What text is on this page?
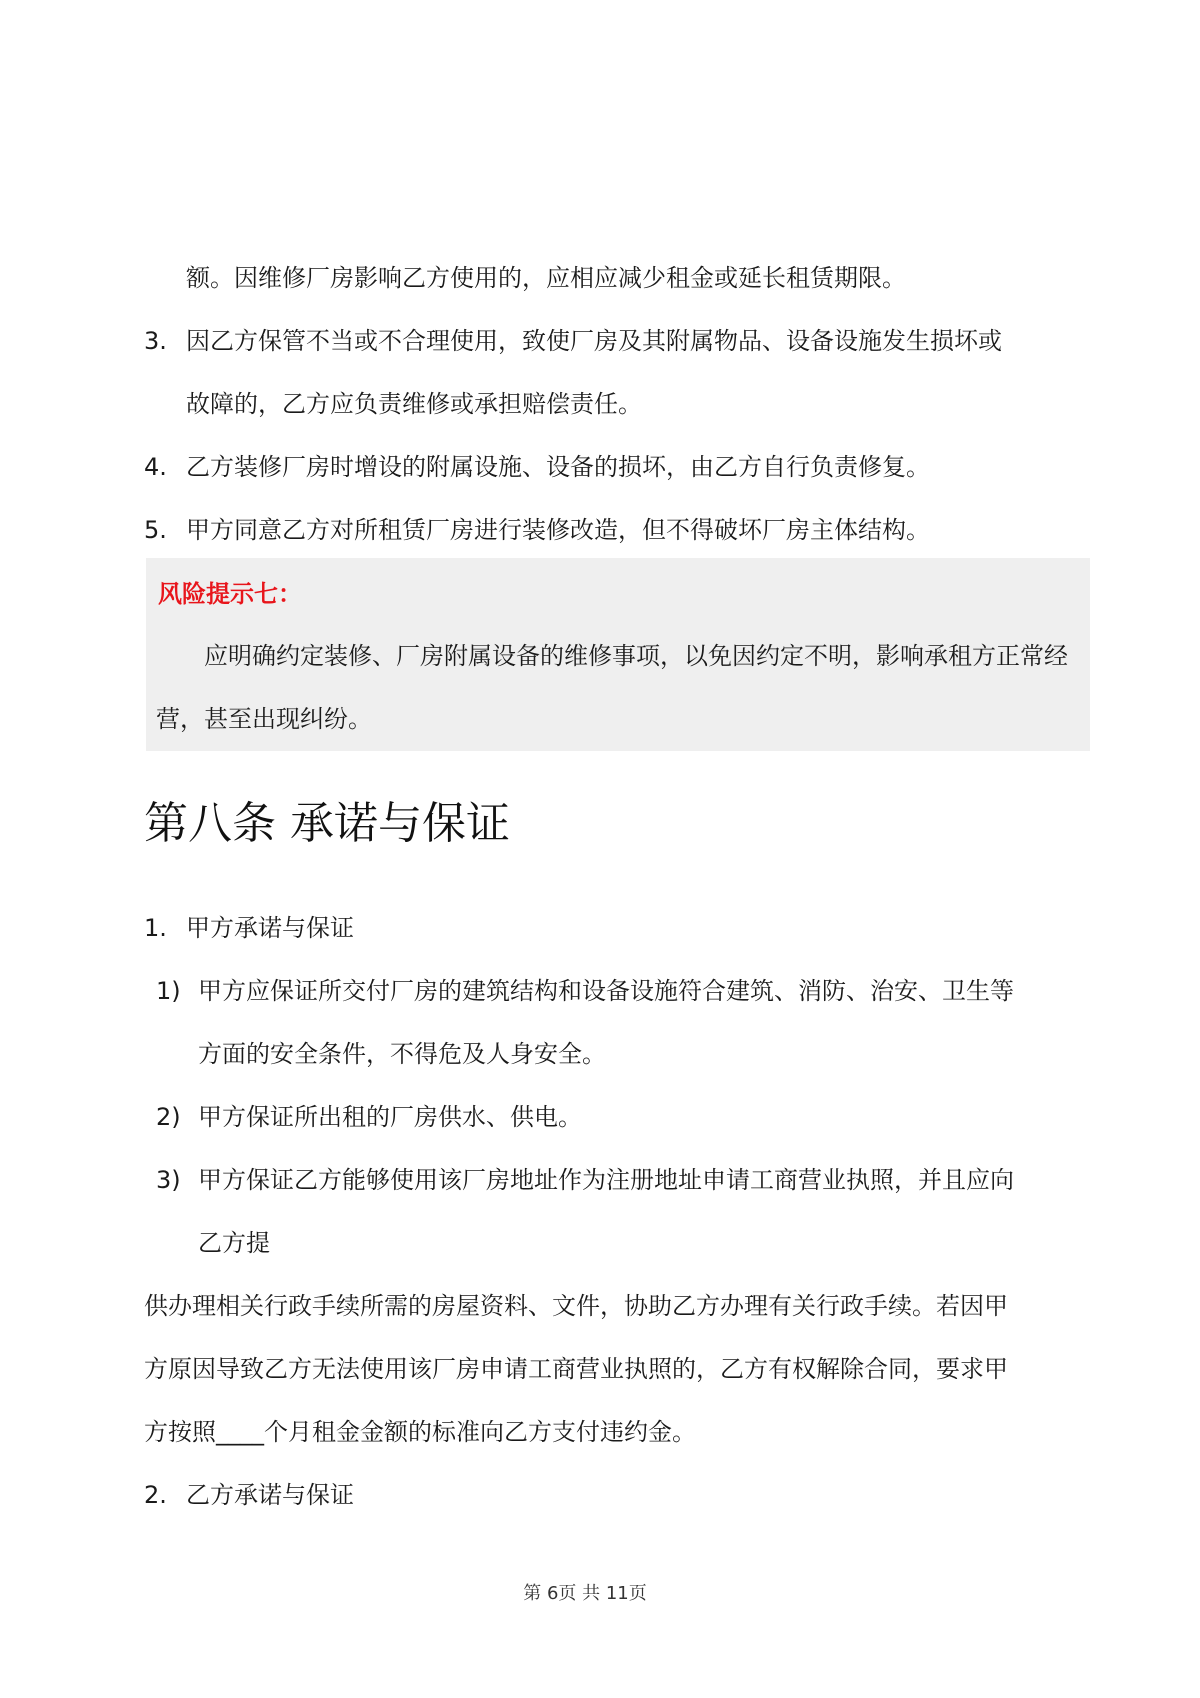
额。因维修厂房影响乙方使用的，应相应减少租金或延长租赁期限。
3. 因乙方保管不当或不合理使用，致使厂房及其附属物品、设备设施发生损坏或
故障的，乙方应负责维修或承担赔偿责任。
4. 乙方装修厂房时增设的附属设施、设备的损坏，由乙方自行负责修复。
5. 甲方同意乙方对所租赁厂房进行装修改造，但不得破坏厂房主体结构。
风险提示七：
应明确约定装修、厂房附属设备的维修事项，以免因约定不明，影响承租方正常经
营，甚至出现纠纷。
第八条 承诺与保证
1. 甲方承诺与保证
1) 甲方应保证所交付厂房的建筑结构和设备设施符合建筑、消防、治安、卫生等
方面的安全条件，不得危及人身安全。
2) 甲方保证所出租的厂房供水、供电。
3) 甲方保证乙方能够使用该厂房地址作为注册地址申请工商营业执照，并且应向
乙方提
供办理相关行政手续所需的房屋资料、文件，协助乙方办理有关行政手续。若因甲
方原因导致乙方无法使用该厂房申请工商营业执照的，乙方有权解除合同，要求甲
方按照____个月租金金额的标准向乙方支付违约金。
2. 乙方承诺与保证
第 6页 共 11页
